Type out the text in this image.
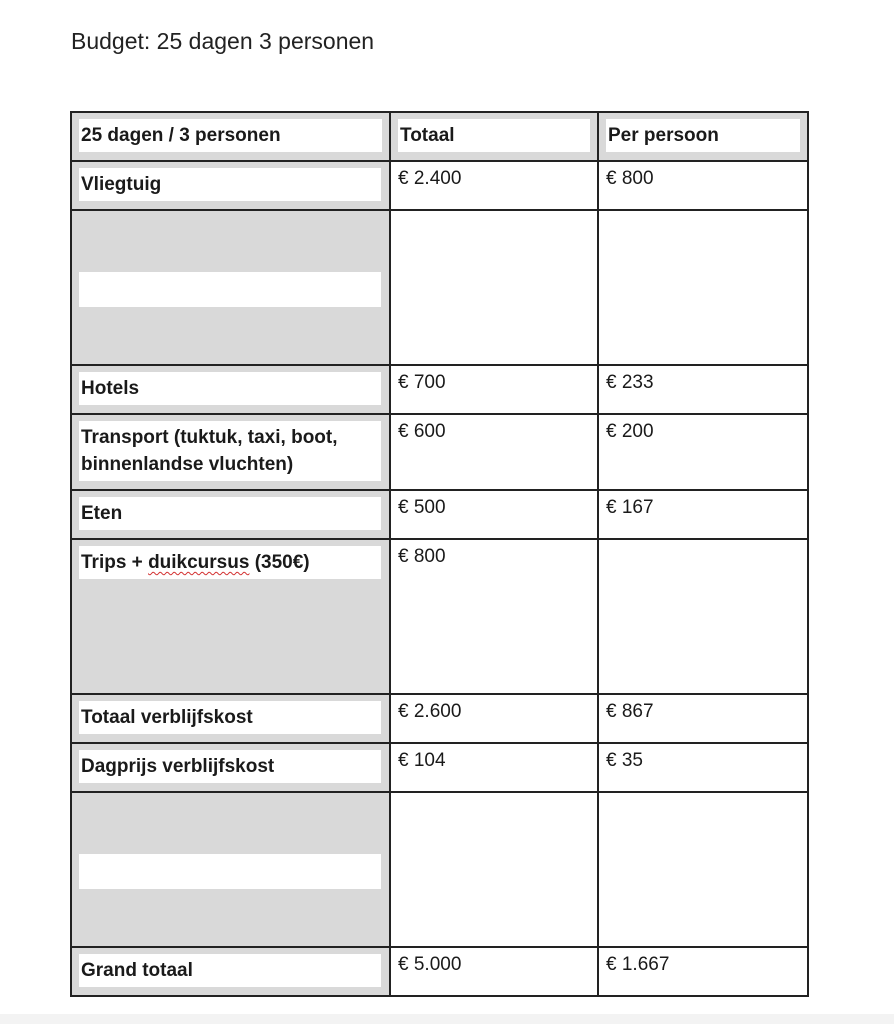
Budget: 25 dagen 3 personen
25 dagen / 3 personen	Totaal	Per persoon

Vliegtuig	€ 2.400	€ 800

Hotels	€ 700	€ 233

Transport (tuktuk, taxi, boot, binnenlandse vluchten)	€ 600	€ 200

Eten	€ 500	€ 167

Trips + duikcursus (350€)	€ 800	

Totaal verblijfskost	€ 2.600	€ 867

Dagprijs verblijfskost	€ 104	€ 35

Grand totaal	€ 5.000	€ 1.667
